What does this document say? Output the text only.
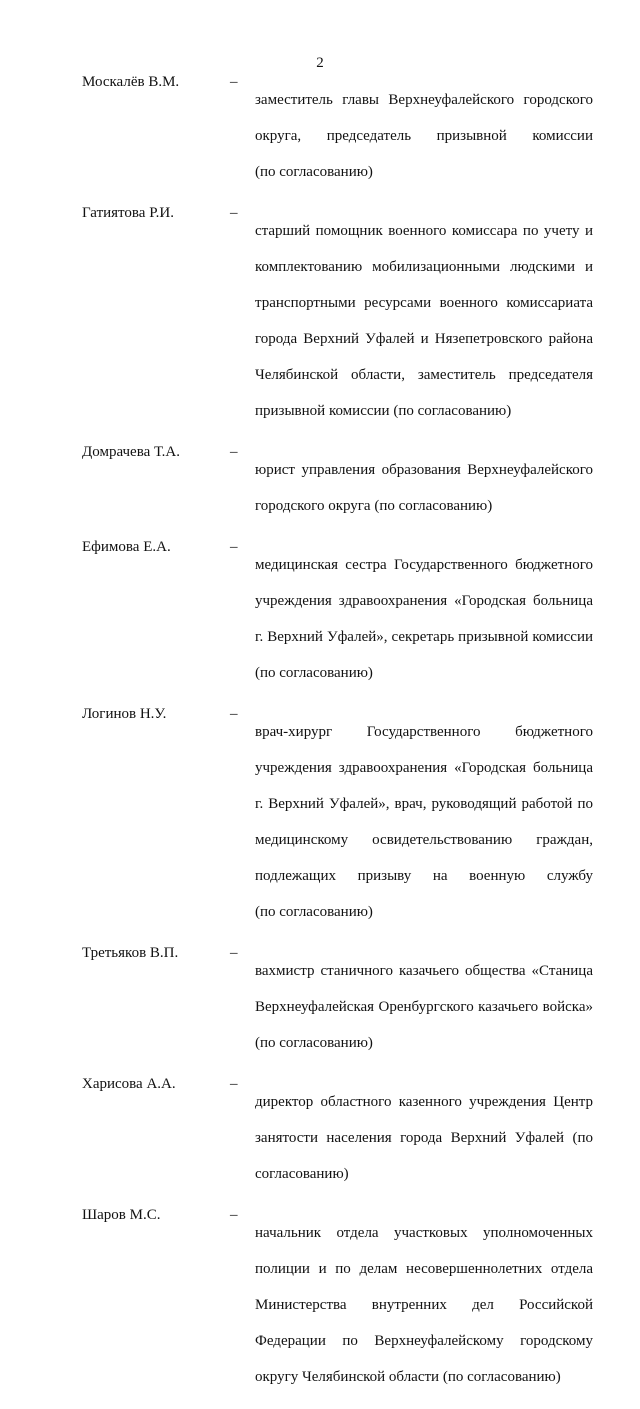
2
Москалёв В.М.	–

заместитель главы Верхнеуфалейского городского

округа, председатель призывной комиссии

(по согласованию)

Гатиятова Р.И.	–

старший помощник военного комиссара по учету и

комплектованию мобилизационными людскими и

транспортными ресурсами военного комиссариата

города Верхний Уфалей и Нязепетровского района

Челябинской области, заместитель председателя

призывной комиссии (по согласованию)

Домрачева Т.А.	–

юрист управления образования Верхнеуфалейского

городского округа (по согласованию)

Ефимова Е.А.	–

медицинская сестра Государственного бюджетного

учреждения здравоохранения «Городская больница

г. Верхний Уфалей», секретарь призывной комиссии

(по согласованию)

Логинов Н.У.	–

врач-хирург Государственного бюджетного

учреждения здравоохранения «Городская больница

г. Верхний Уфалей», врач, руководящий работой по

медицинскому освидетельствованию граждан,

подлежащих призыву на военную службу

(по согласованию)

Третьяков В.П.	–

вахмистр станичного казачьего общества «Станица

Верхнеуфалейская Оренбургского казачьего войска»

(по согласованию)

Харисова А.А.	–

директор областного казенного учреждения Центр

занятости населения города Верхний Уфалей (по

согласованию)

Шаров М.С.	–

начальник отдела участковых уполномоченных

полиции и по делам несовершеннолетних отдела

Министерства внутренних дел Российской

Федерации по Верхнеуфалейскому городскому

округу Челябинской области (по согласованию)
